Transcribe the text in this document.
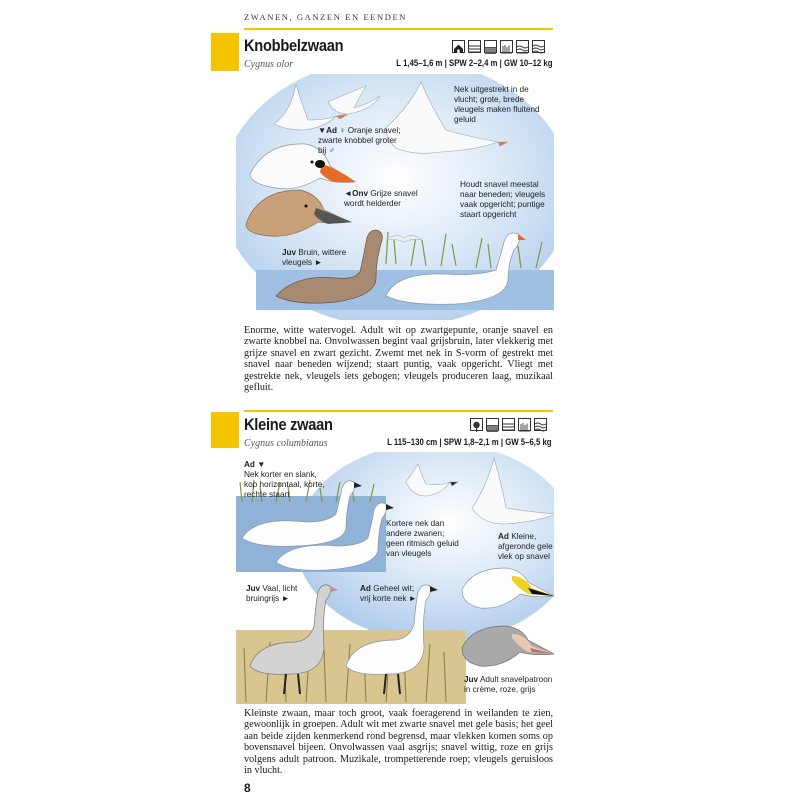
ZWANEN, GANZEN EN EENDEN
Knobbelzwaan
Cygnus olor	L 1,45–1,6 m | SPW 2–2,4 m | GW 10–12 kg
Nek uitgestrekt in de vlucht; grote, brede vleugels maken fluitend geluid
▼Ad ♀ Oranje snavel; zwarte knobbel groter bij ♂
◄Onv Grijze snavel wordt helderder
Houdt snavel meestal naar beneden; vleugels vaak opgericht; puntige staart opgericht
Juv Bruin, wittere vleugels ►
Enorme, witte watervogel. Adult wit op zwartgepunte, oranje snavel en zwarte knobbel na. Onvolwassen begint vaal grijsbruin, later vlekkerig met grijze snavel en zwart gezicht. Zwemt met nek in S-vorm of gestrekt met snavel naar beneden wijzend; staart puntig, vaak opgericht. Vliegt met gestrekte nek, vleugels iets gebogen; vleugels produceren laag, muzikaal gefluit.
Kleine zwaan
Cygnus columbianus	L 115–130 cm | SPW 1,8–2,1 m | GW 5–6,5 kg
Ad ▼
Nek korter en slank, kop horizontaal, korte, rechte staart
Kortere nek dan andere zwanen; geen ritmisch geluid van vleugels
Ad Kleine, afgeronde gele vlek op snavel
Juv Vaal, licht bruingrijs ►
Ad Geheel wit; vrij korte nek ►
Juv Adult snavelpatroon in crème, roze, grijs
Kleinste zwaan, maar toch groot, vaak foeragerend in weilanden te zien, gewoonlijk in groepen. Adult wit met zwarte snavel met gele basis; het geel aan beide zijden kenmerkend rond begrensd, maar vlekken komen soms op bovensnavel bijeen. Onvolwassen vaal asgrijs; snavel wittig, roze en grijs volgens adult patroon. Muzikale, trompetterende roep; vleugels geruisloos in vlucht.
8
